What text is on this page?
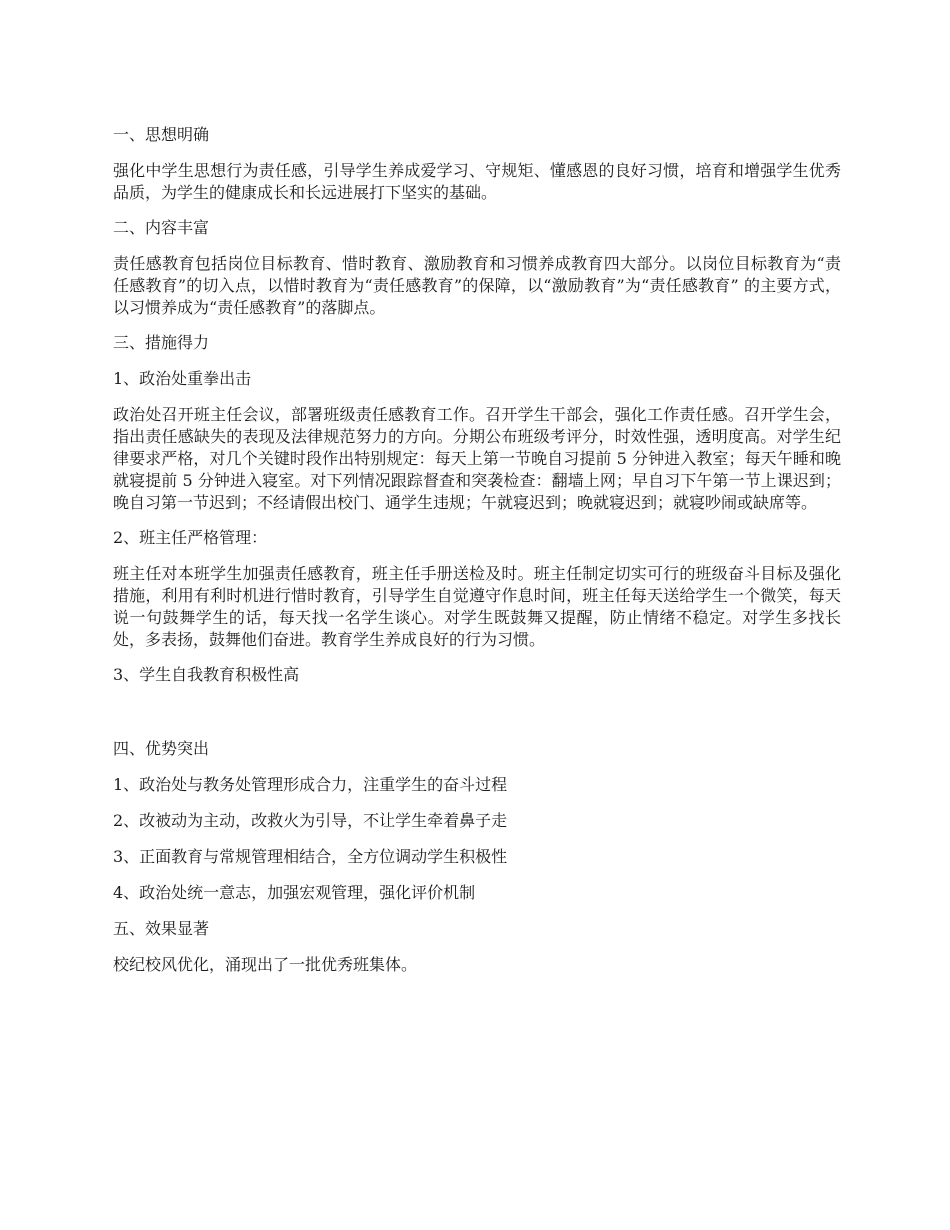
一、思想明确

强化中学生思想行为责任感，引导学生养成爱学习、守规矩、懂感恩的良好习惯，培育和增强学生优秀品质，为学生的健康成长和长远进展打下坚实的基础。

二、内容丰富

责任感教育包括岗位目标教育、惜时教育、激励教育和习惯养成教育四大部分。以岗位目标教育为“责任感教育”的切入点，以惜时教育为“责任感教育”的保障，以“激励教育”为“责任感教育” 的主要方式，以习惯养成为“责任感教育”的落脚点。

三、措施得力

1、政治处重拳出击

政治处召开班主任会议，部署班级责任感教育工作。召开学生干部会，强化工作责任感。召开学生会，指出责任感缺失的表现及法律规范努力的方向。分期公布班级考评分，时效性强，透明度高。对学生纪律要求严格，对几个关键时段作出特别规定：每天上第一节晚自习提前 5 分钟进入教室；每天午睡和晚就寝提前 5 分钟进入寝室。对下列情况跟踪督查和突袭检查：翻墙上网；早自习下午第一节上课迟到；晚自习第一节迟到；不经请假出校门、通学生违规；午就寝迟到；晚就寝迟到；就寝吵闹或缺席等。

2、班主任严格管理：

班主任对本班学生加强责任感教育，班主任手册送检及时。班主任制定切实可行的班级奋斗目标及强化措施，利用有利时机进行惜时教育，引导学生自觉遵守作息时间，班主任每天送给学生一个微笑，每天说一句鼓舞学生的话，每天找一名学生谈心。对学生既鼓舞又提醒，防止情绪不稳定。对学生多找长处，多表扬，鼓舞他们奋进。教育学生养成良好的行为习惯。

3、学生自我教育积极性高

四、优势突出

1、政治处与教务处管理形成合力，注重学生的奋斗过程

2、改被动为主动，改救火为引导，不让学生牵着鼻子走

3、正面教育与常规管理相结合，全方位调动学生积极性

4、政治处统一意志，加强宏观管理，强化评价机制

五、效果显著

校纪校风优化，涌现出了一批优秀班集体。
